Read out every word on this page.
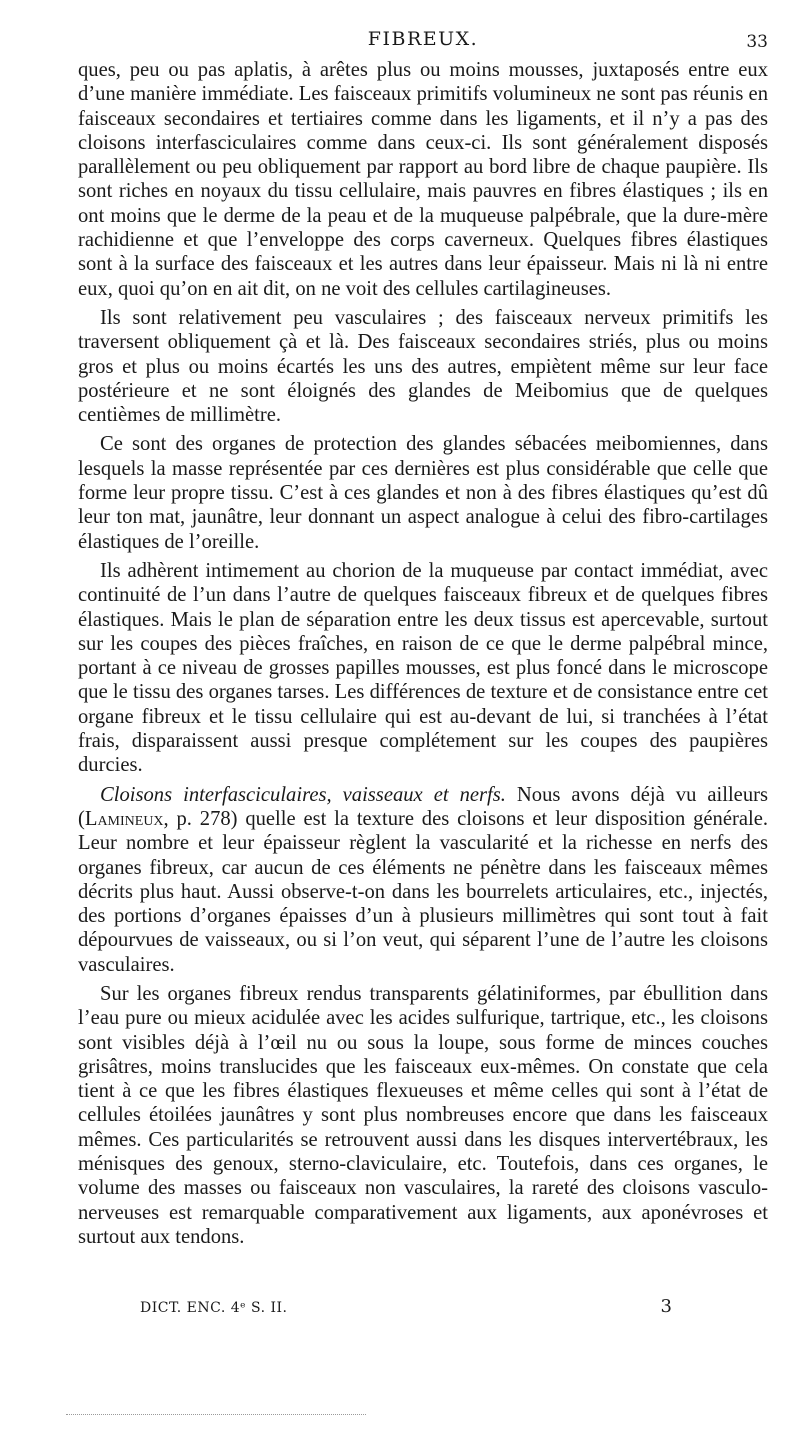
FIBREUX.	33

ques, peu ou pas aplatis, à arêtes plus ou moins mousses, juxtaposés entre eux d’une manière immédiate. Les faisceaux primitifs volumineux ne sont pas réunis en faisceaux secondaires et tertiaires comme dans les ligaments, et il n’y a pas des cloisons interfasciculaires comme dans ceux-ci. Ils sont généralement disposés parallèlement ou peu obliquement par rapport au bord libre de chaque paupière. Ils sont riches en noyaux du tissu cellulaire, mais pauvres en fibres élastiques ; ils en ont moins que le derme de la peau et de la muqueuse palpébrale, que la dure-mère rachidienne et que l’enveloppe des corps caverneux. Quelques fibres élastiques sont à la surface des faisceaux et les autres dans leur épaisseur. Mais ni là ni entre eux, quoi qu’on en ait dit, on ne voit des cellules cartilagineuses.

Ils sont relativement peu vasculaires ; des faisceaux nerveux primitifs les traversent obliquement çà et là. Des faisceaux secondaires striés, plus ou moins gros et plus ou moins écartés les uns des autres, empiètent même sur leur face postérieure et ne sont éloignés des glandes de Meibomius que de quelques centièmes de millimètre.

Ce sont des organes de protection des glandes sébacées meibomiennes, dans lesquels la masse représentée par ces dernières est plus considérable que celle que forme leur propre tissu. C’est à ces glandes et non à des fibres élastiques qu’est dû leur ton mat, jaunâtre, leur donnant un aspect analogue à celui des fibro-cartilages élastiques de l’oreille.

Ils adhèrent intimement au chorion de la muqueuse par contact immédiat, avec continuité de l’un dans l’autre de quelques faisceaux fibreux et de quelques fibres élastiques. Mais le plan de séparation entre les deux tissus est apercevable, surtout sur les coupes des pièces fraîches, en raison de ce que le derme palpébral mince, portant à ce niveau de grosses papilles mousses, est plus foncé dans le microscope que le tissu des organes tarses. Les différences de texture et de consistance entre cet organe fibreux et le tissu cellulaire qui est au-devant de lui, si tranchées à l’état frais, disparaissent aussi presque complétement sur les coupes des paupières durcies.

Cloisons interfasciculaires, vaisseaux et nerfs. Nous avons déjà vu ailleurs (Lamineux, p. 278) quelle est la texture des cloisons et leur disposition générale. Leur nombre et leur épaisseur règlent la vascularité et la richesse en nerfs des organes fibreux, car aucun de ces éléments ne pénètre dans les faisceaux mêmes décrits plus haut. Aussi observe-t-on dans les bourrelets articulaires, etc., injectés, des portions d’organes épaisses d’un à plusieurs millimètres qui sont tout à fait dépourvues de vaisseaux, ou si l’on veut, qui séparent l’une de l’autre les cloisons vasculaires.

Sur les organes fibreux rendus transparents gélatiniformes, par ébullition dans l’eau pure ou mieux acidulée avec les acides sulfurique, tartrique, etc., les cloisons sont visibles déjà à l’œil nu ou sous la loupe, sous forme de minces couches grisâtres, moins translucides que les faisceaux eux-mêmes. On constate que cela tient à ce que les fibres élastiques flexueuses et même celles qui sont à l’état de cellules étoilées jaunâtres y sont plus nombreuses encore que dans les faisceaux mêmes. Ces particularités se retrouvent aussi dans les disques intervertébraux, les ménisques des genoux, sterno-claviculaire, etc. Toutefois, dans ces organes, le volume des masses ou faisceaux non vasculaires, la rareté des cloisons vasculo-nerveuses est remarquable comparativement aux ligaments, aux aponévroses et surtout aux tendons.

DICT. ENC. 4ᵉ S. II.	3
